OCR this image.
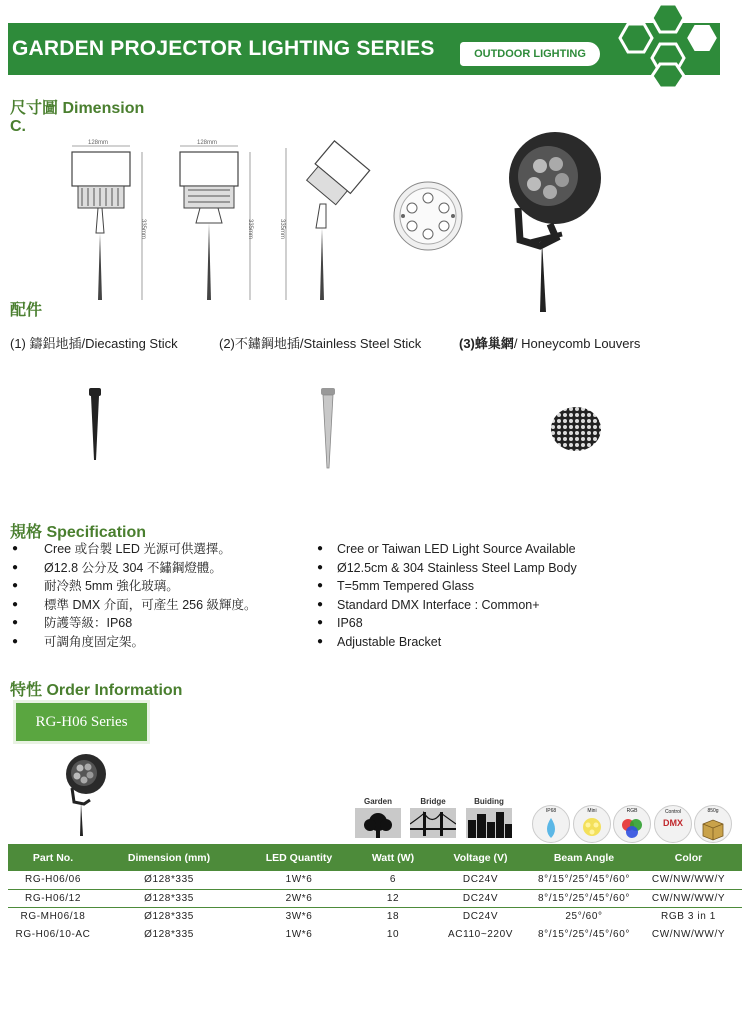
GARDEN PROJECTOR LIGHTING SERIES	OUTDOOR LIGHTING
尺寸圖 Dimension
C.
128mm
335mm
128mm
335mm	335mm
配件
(1) 鑄鋁地插/Diecasting Stick	(2)不鏽鋼地插/Stainless Steel Stick	(3)蜂巢網/ Honeycomb Louvers
規格 Specification
● Cree 或台製 LED 光源可供選擇。
● Ø12.8 公分及 304 不鏽鋼燈體。
● 耐冷熱 5mm 強化玻璃。
● 標準 DMX 介面，可產生 256 級輝度。
● 防護等級：IP68
● 可調角度固定架。
● Cree or Taiwan LED Light Source Available
● Ø12.5cm & 304 Stainless Steel Lamp Body
● T=5mm Tempered Glass
● Standard DMX Interface : Common+
● IP68
● Adjustable Bracket
特性 Order Information
RG-H06 Series
Garden	Bridge	Buiding
IP68	Mini	RGB	Control
DMX
850g
Part No.	Dimension (mm)	LED Quantity	Watt (W)	Voltage (V)	Beam Angle	Color
RG-H06/06	Ø128*335	1W*6	6	DC24V	8°/15°/25°/45°/60°	CW/NW/WW/Y
RG-H06/12	Ø128*335	2W*6	12	DC24V	8°/15°/25°/45°/60°	CW/NW/WW/Y
RG-MH06/18	Ø128*335	3W*6	18	DC24V	25°/60°	RGB 3 in 1
RG-H06/10-AC	Ø128*335	1W*6	10	AC110~220V	8°/15°/25°/45°/60°	CW/NW/WW/Y
